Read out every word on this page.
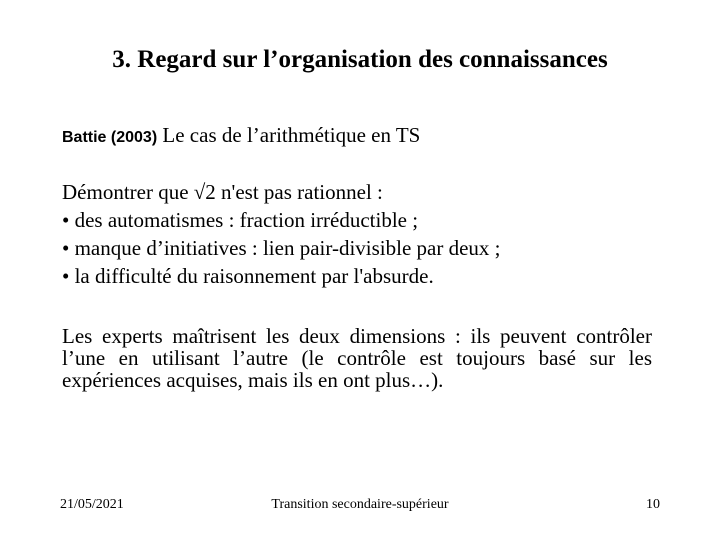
3. Regard sur l’organisation des connaissances
Battie (2003) Le cas de l’arithmétique en TS
Démontrer que √2 n'est pas rationnel :
• des automatismes : fraction irréductible ;
• manque d’initiatives : lien pair-divisible par deux ;
• la difficulté du raisonnement par l'absurde.
Les experts maîtrisent les deux dimensions : ils peuvent contrôler l’une en utilisant l’autre (le contrôle est toujours basé sur les expériences acquises, mais ils en ont plus…).
21/05/2021	Transition secondaire-supérieur	10
